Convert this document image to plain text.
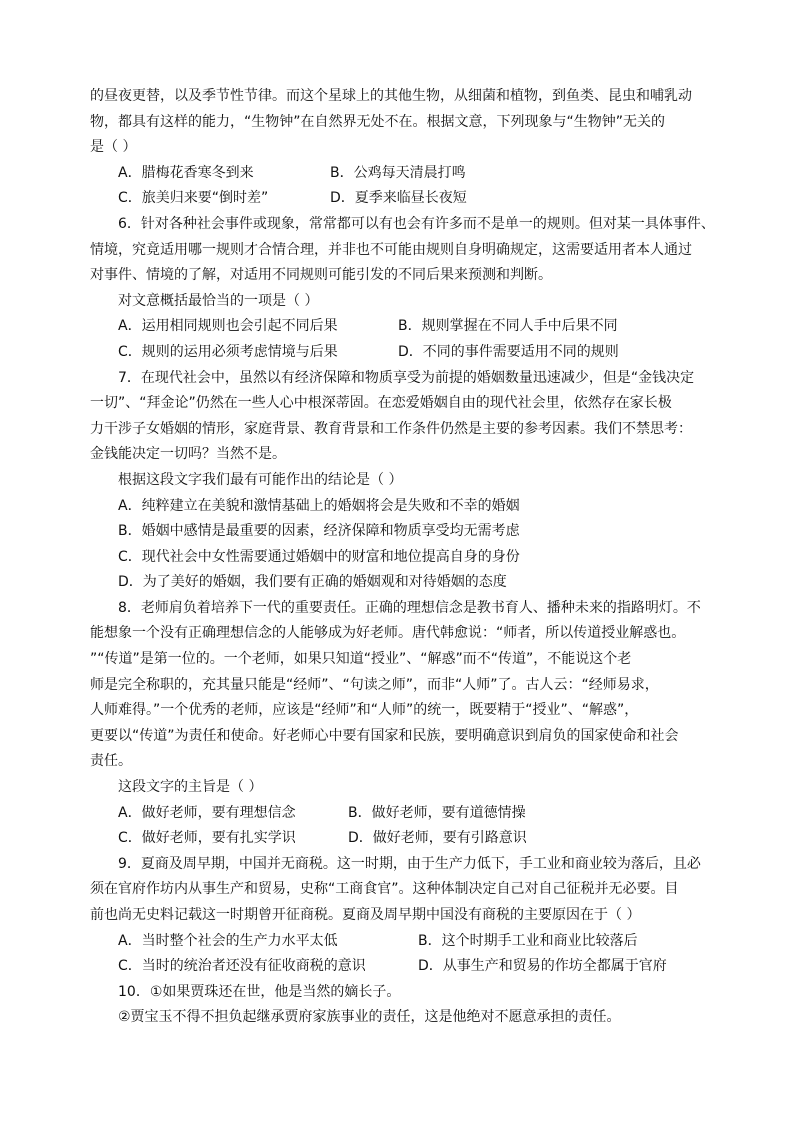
的昼夜更替，以及季节性节律。而这个星球上的其他生物，从细菌和植物，到鱼类、昆虫和哺乳动
物，都具有这样的能力，“生物钟”在自然界无处不在。根据文意，下列现象与“生物钟”无关的
是（ ）
A．腊梅花香寒冬到来	B．公鸡每天清晨打鸣
C．旅美归来要“倒时差”	D．夏季来临昼长夜短
6．针对各种社会事件或现象，常常都可以有也会有许多而不是单一的规则。但对某一具体事件、
情境，究竟适用哪一规则才合情合理，并非也不可能由规则自身明确规定，这需要适用者本人通过
对事件、情境的了解，对适用不同规则可能引发的不同后果来预测和判断。
对文意概括最恰当的一项是（ ）
A．运用相同规则也会引起不同后果	B．规则掌握在不同人手中后果不同
C．规则的运用必须考虑情境与后果	D．不同的事件需要适用不同的规则
7．在现代社会中，虽然以有经济保障和物质享受为前提的婚姻数量迅速减少，但是“金钱决定
一切”、“拜金论”仍然在一些人心中根深蒂固。在恋爱婚姻自由的现代社会里，依然存在家长极
力干涉子女婚姻的情形，家庭背景、教育背景和工作条件仍然是主要的参考因素。我们不禁思考：
金钱能决定一切吗？当然不是。
根据这段文字我们最有可能作出的结论是（ ）
A．纯粹建立在美貌和激情基础上的婚姻将会是失败和不幸的婚姻
B．婚姻中感情是最重要的因素，经济保障和物质享受均无需考虑
C．现代社会中女性需要通过婚姻中的财富和地位提高自身的身份
D．为了美好的婚姻，我们要有正确的婚姻观和对待婚姻的态度
8．老师肩负着培养下一代的重要责任。正确的理想信念是教书育人、播种未来的指路明灯。不
能想象一个没有正确理想信念的人能够成为好老师。唐代韩愈说：“师者，所以传道授业解惑也。
”“传道”是第一位的。一个老师，如果只知道“授业”、“解惑”而不“传道”，不能说这个老
师是完全称职的，充其量只能是“经师”、“句读之师”，而非“人师”了。古人云：“经师易求，
人师难得。”一个优秀的老师，应该是“经师”和“人师”的统一，既要精于“授业”、“解惑”，
更要以“传道”为责任和使命。好老师心中要有国家和民族，要明确意识到肩负的国家使命和社会
责任。
这段文字的主旨是（ ）
A．做好老师，要有理想信念	B．做好老师，要有道德情操
C．做好老师，要有扎实学识	D．做好老师，要有引路意识
9．夏商及周早期，中国并无商税。这一时期，由于生产力低下，手工业和商业较为落后，且必
须在官府作坊内从事生产和贸易，史称“工商食官”。这种体制决定自己对自己征税并无必要。目
前也尚无史料记载这一时期曾开征商税。夏商及周早期中国没有商税的主要原因在于（ ）
A．当时整个社会的生产力水平太低	B．这个时期手工业和商业比较落后
C．当时的统治者还没有征收商税的意识	D．从事生产和贸易的作坊全都属于官府
10．①如果贾珠还在世，他是当然的嫡长子。
②贾宝玉不得不担负起继承贾府家族事业的责任，这是他绝对不愿意承担的责任。
